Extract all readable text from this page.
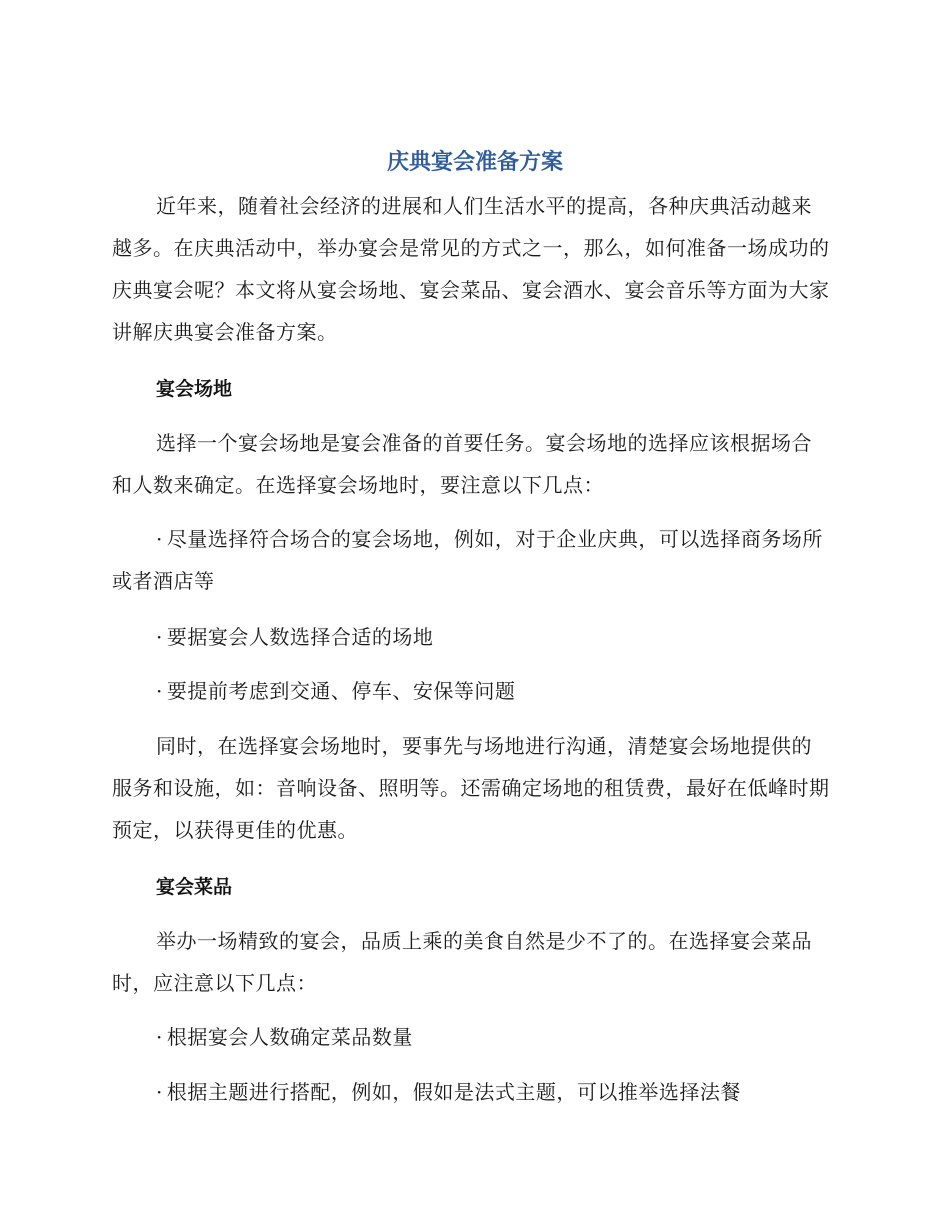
庆典宴会准备方案

近年来，随着社会经济的进展和人们生活水平的提高，各种庆典活动越来越多。在庆典活动中，举办宴会是常见的方式之一，那么，如何准备一场成功的庆典宴会呢？本文将从宴会场地、宴会菜品、宴会酒水、宴会音乐等方面为大家讲解庆典宴会准备方案。

宴会场地

选择一个宴会场地是宴会准备的首要任务。宴会场地的选择应该根据场合和人数来确定。在选择宴会场地时，要注意以下几点：

· 尽量选择符合场合的宴会场地，例如，对于企业庆典，可以选择商务场所或者酒店等

· 要据宴会人数选择合适的场地

· 要提前考虑到交通、停车、安保等问题

同时，在选择宴会场地时，要事先与场地进行沟通，清楚宴会场地提供的服务和设施，如：音响设备、照明等。还需确定场地的租赁费，最好在低峰时期预定，以获得更佳的优惠。

宴会菜品

举办一场精致的宴会，品质上乘的美食自然是少不了的。在选择宴会菜品时，应注意以下几点：

· 根据宴会人数确定菜品数量

· 根据主题进行搭配，例如，假如是法式主题，可以推举选择法餐
